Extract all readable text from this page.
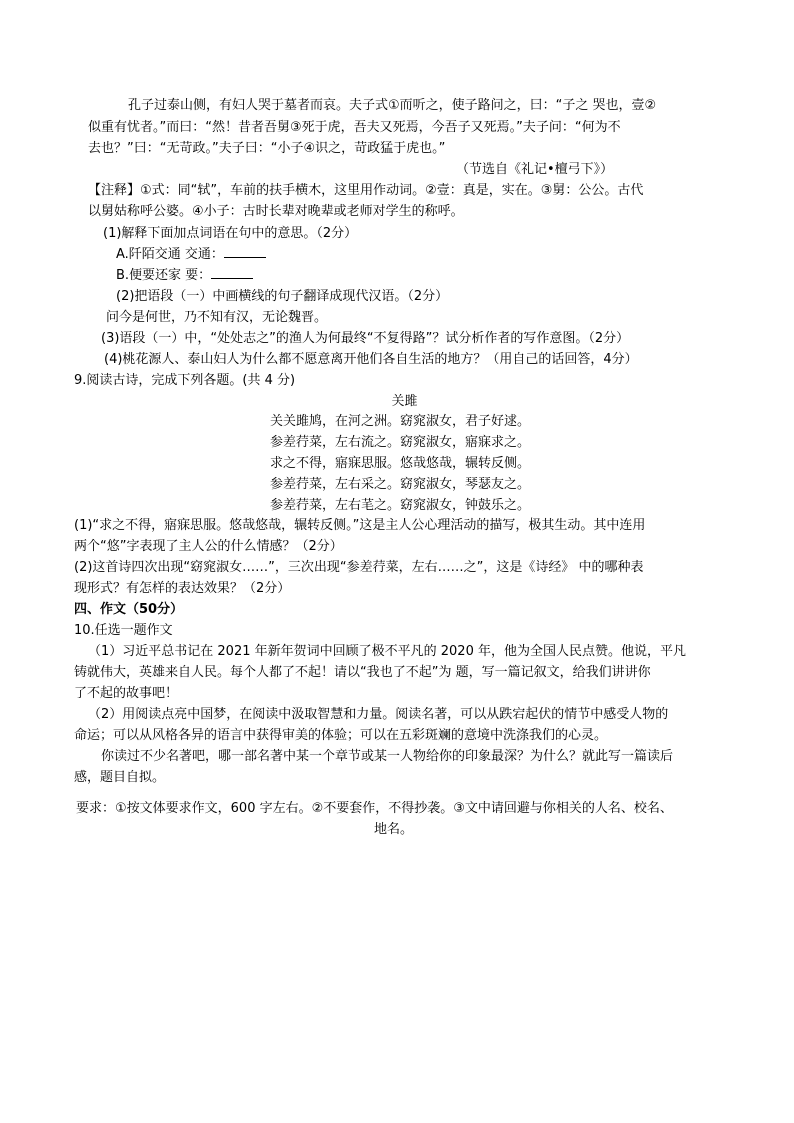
孔子过泰山侧，有妇人哭于墓者而哀。夫子式①而听之，使子路问之，曰：“子之 哭也，壹②
似重有忧者。”而曰：“然！昔者吾舅③死于虎，吾夫又死焉，今吾子又死焉。”夫子问：“何为不
去也？”曰：“无苛政。”夫子曰：“小子④识之，苛政猛于虎也。”
（节选自《礼记•檀弓下》）
【注释】①式：同“轼”，车前的扶手横木，这里用作动词。②壹：真是，实在。③舅：公公。古代
以舅姑称呼公婆。④小子：古时长辈对晚辈或老师对学生的称呼。
(1)解释下面加点词语在句中的意思。（2分）
A.阡陌交通 交通：
B.便要还家 要：
(2)把语段（一）中画横线的句子翻译成现代汉语。（2分）
问今是何世，乃不知有汉，无论魏晋。
(3)语段（一）中，“处处志之”的渔人为何最终“不复得路”？试分析作者的写作意图。（2分）
(4)桃花源人、泰山妇人为什么都不愿意离开他们各自生活的地方？（用自己的话回答，4分）
9.阅读古诗，完成下列各题。(共 4 分)
关雎
关关雎鸠，在河之洲。窈窕淑女，君子好逑。
参差荇菜，左右流之。窈窕淑女，寤寐求之。
求之不得，寤寐思服。悠哉悠哉，辗转反侧。
参差荇菜，左右采之。窈窕淑女，琴瑟友之。
参差荇菜，左右芼之。窈窕淑女，钟鼓乐之。
(1)“求之不得，寤寐思服。悠哉悠哉，辗转反侧。”这是主人公心理活动的描写，极其生动。其中连用
两个“悠”字表现了主人公的什么情感？（2分）
(2)这首诗四次出现“窈窕淑女……”，三次出现“参差荇菜，左右……之”，这是《诗经》 中的哪种表
现形式？有怎样的表达效果？（2分）
四、作文（50分）
10.任选一题作文
（1）习近平总书记在 2021 年新年贺词中回顾了极不平凡的 2020 年，他为全国人民点赞。他说，平凡
铸就伟大，英雄来自人民。每个人都了不起！请以“我也了不起”为 题，写一篇记叙文，给我们讲讲你
了不起的故事吧！
（2）用阅读点亮中国梦，在阅读中汲取智慧和力量。阅读名著，可以从跌宕起伏的情节中感受人物的
命运；可以从风格各异的语言中获得审美的体验；可以在五彩斑斓的意境中洗涤我们的心灵。
你读过不少名著吧，哪一部名著中某一个章节或某一人物给你的印象最深？为什么？就此写一篇读后
感，题目自拟。
要求：①按文体要求作文，600 字左右。②不要套作，不得抄袭。③文中请回避与你相关的人名、校名、
地名。
